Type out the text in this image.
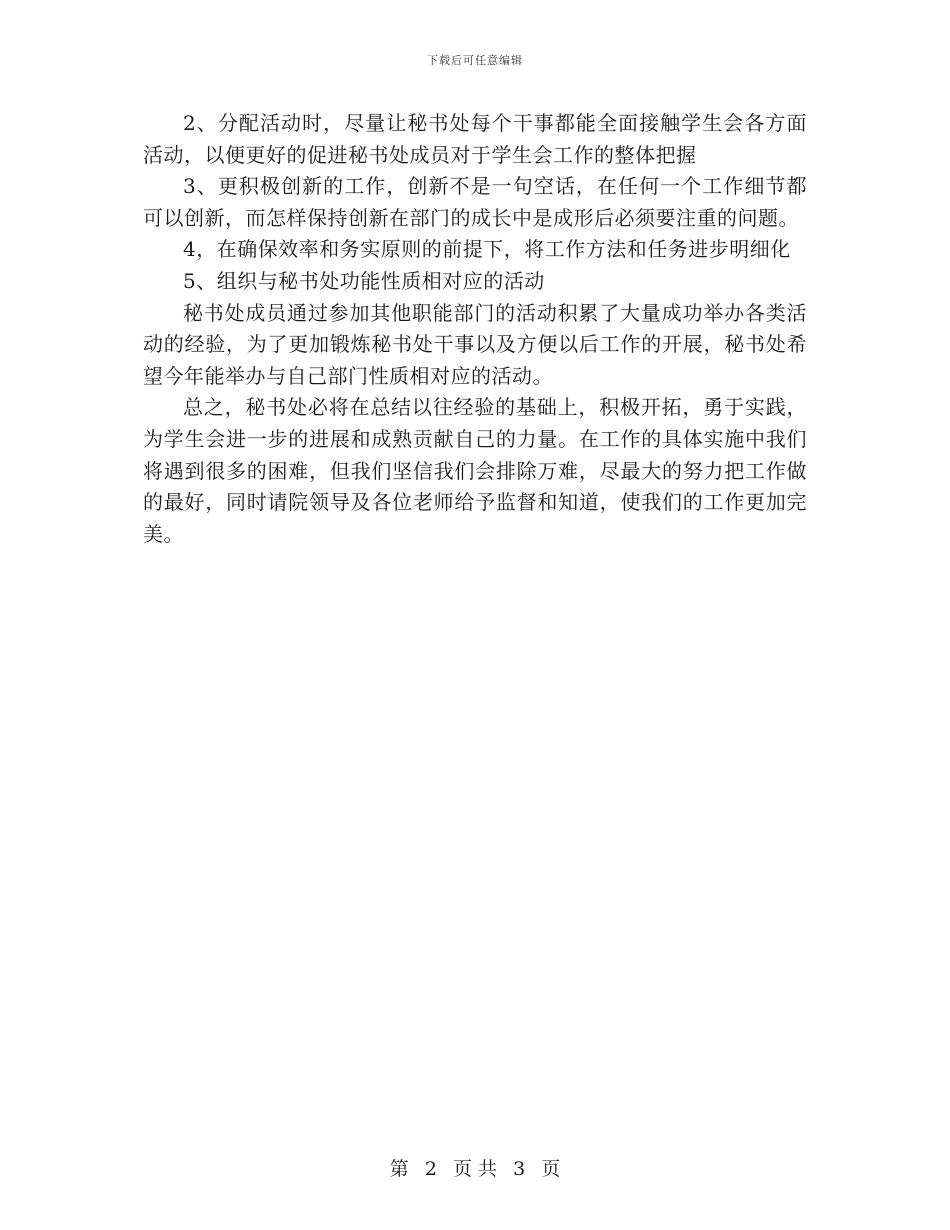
下载后可任意编辑

2、分配活动时，尽量让秘书处每个干事都能全面接触学生会各方面活动，以便更好的促进秘书处成员对于学生会工作的整体把握

3、更积极创新的工作，创新不是一句空话，在任何一个工作细节都可以创新，而怎样保持创新在部门的成长中是成形后必须要注重的问题。

4，在确保效率和务实原则的前提下，将工作方法和任务进步明细化

5、组织与秘书处功能性质相对应的活动

秘书处成员通过参加其他职能部门的活动积累了大量成功举办各类活动的经验，为了更加锻炼秘书处干事以及方便以后工作的开展，秘书处希望今年能举办与自己部门性质相对应的活动。

总之，秘书处必将在总结以往经验的基础上，积极开拓，勇于实践，为学生会进一步的进展和成熟贡献自己的力量。在工作的具体实施中我们将遇到很多的困难，但我们坚信我们会排除万难，尽最大的努力把工作做的最好，同时请院领导及各位老师给予监督和知道，使我们的工作更加完美。

第 2 页 共 3 页
